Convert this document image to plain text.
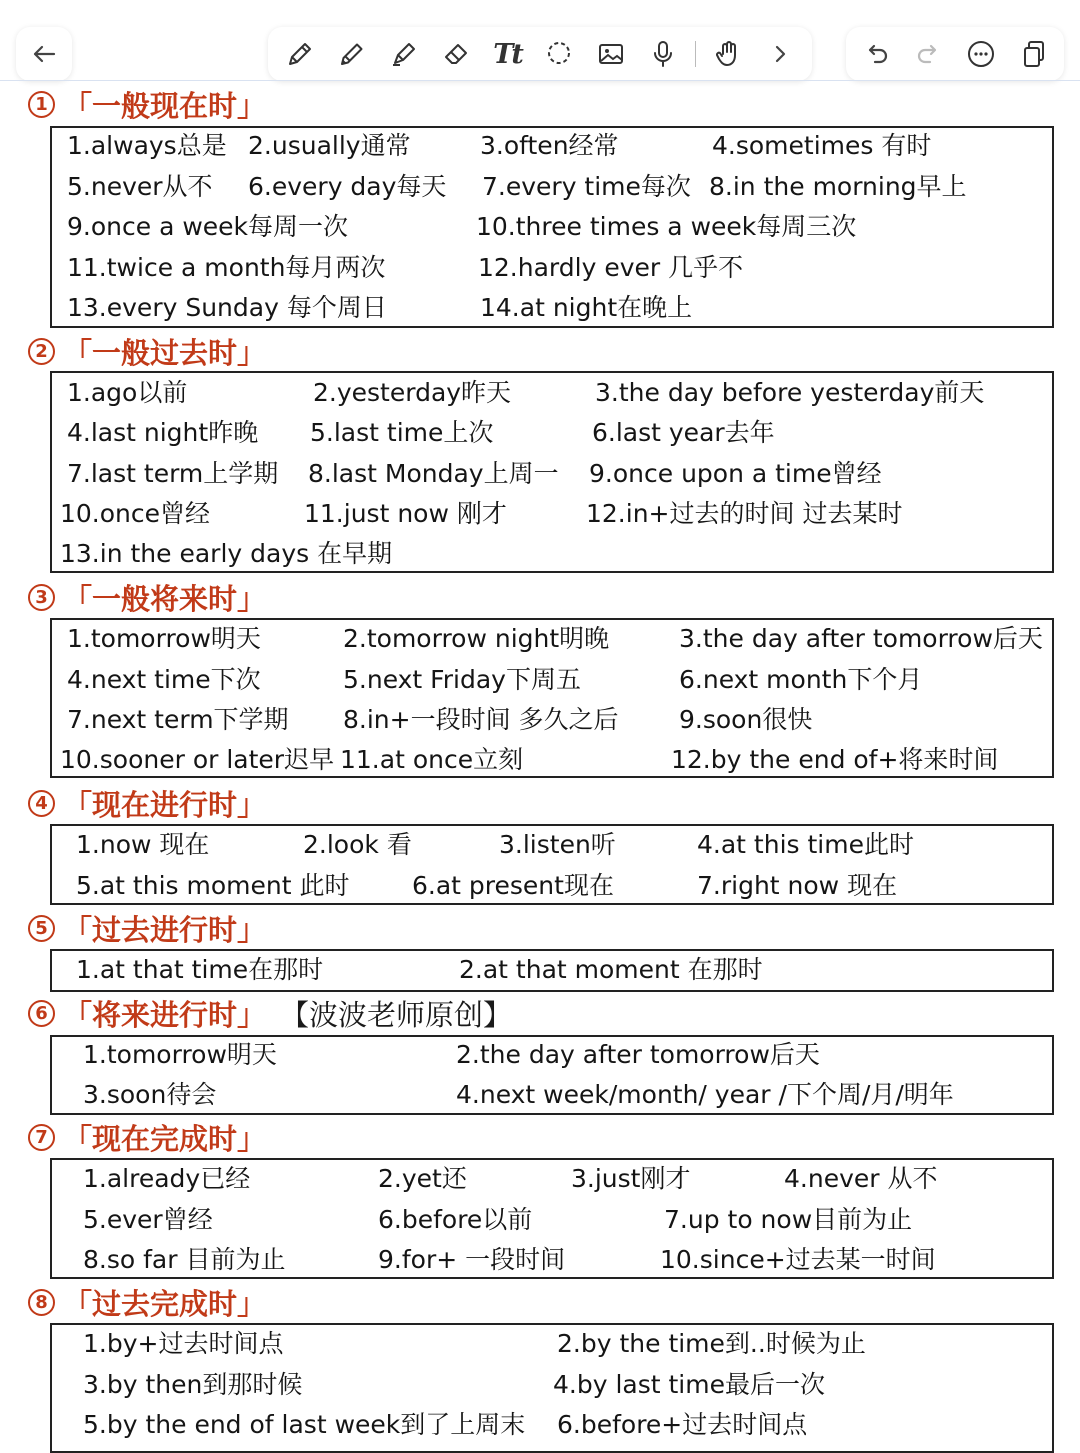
Tt
1 「一般现在时」
1.always总是 2.usually通常	3.often经常	4.sometimes 有时
5.never从不 6.every day每天 7.every time每次 8.in the morning早上
9.once a week每周一次	10.three times a week每周三次
11.twice a month每月两次	12.hardly ever 几乎不
13.every Sunday 每个周日	14.at night在晚上
2 「一般过去时」
1.ago以前	2.yesterday昨天	3.the day before yesterday前天
4.last night昨晚 5.last time上次	6.last year去年
7.last term上学期 8.last Monday上周一 9.once upon a time曾经
10.once曾经	11.just now 刚才	12.in+过去的时间 过去某时
13.in the early days 在早期
3 「一般将来时」
1.tomorrow明天	2.tomorrow night明晚	3.the day after tomorrow后天
4.next time下次	5.next Friday下周五	6.next month下个月
7.next term下学期 8.in+一段时间 多久之后 9.soon很快
10.sooner or later迟早 11.at once立刻	12.by the end of+将来时间
4 「现在进行时」
1.now 现在	2.look 看	3.listen听	4.at this time此时
5.at this moment 此时	6.at present现在	7.right now 现在
5 「过去进行时」
1.at that time在那时	2.at that moment 在那时
6 「将来进行时」 【波波老师原创】
1.tomorrow明天	2.the day after tomorrow后天
3.soon待会	4.next week/month/ year /下个周/月/明年
7 「现在完成时」
1.already已经	2.yet还	3.just刚才	4.never 从不
5.ever曾经	6.before以前	7.up to now目前为止
8.so far 目前为止	9.for+ 一段时间	10.since+过去某一时间
8 「过去完成时」
1.by+过去时间点	2.by the time到..时候为止
3.by then到那时候	4.by last time最后一次
5.by the end of last week到了上周末 6.before+过去时间点
